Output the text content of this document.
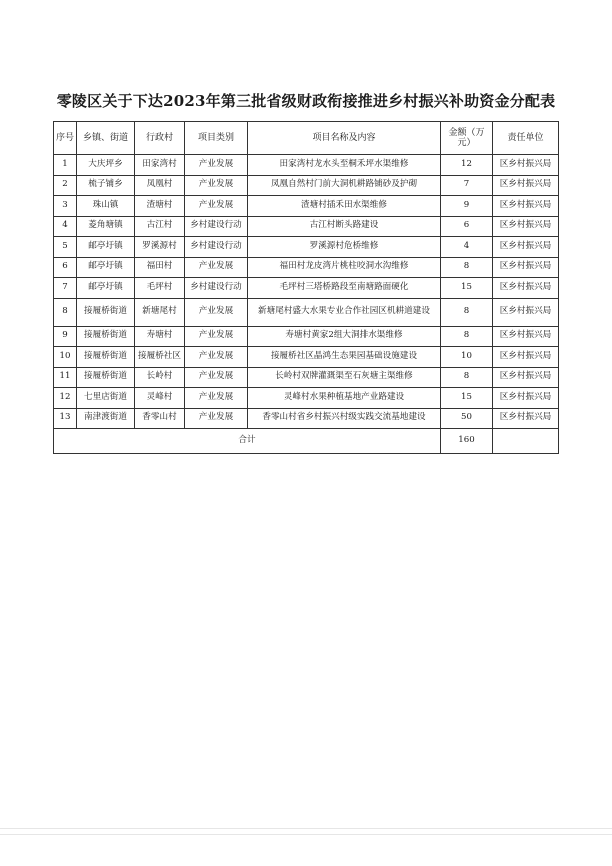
零陵区关于下达2023年第三批省级财政衔接推进乡村振兴补助资金分配表
序号	乡镇、街道	行政村	项目类别	项目名称及内容	金额（万元）	责任单位
1	大庆坪乡	田家湾村	产业发展	田家湾村龙水头至桐禾坪水渠维修	12	区乡村振兴局
2	梳子铺乡	凤凰村	产业发展	凤凰自然村门前大洞机耕路铺砂及护砌	7	区乡村振兴局
3	珠山镇	渣塘村	产业发展	渣塘村插禾田水渠维修	9	区乡村振兴局
4	菱角塘镇	古江村	乡村建设行动	古江村断头路建设	6	区乡村振兴局
5	邮亭圩镇	罗溪源村	乡村建设行动	罗溪源村危桥维修	4	区乡村振兴局
6	邮亭圩镇	福田村	产业发展	福田村龙皮湾片桃柱咬洞水沟维修	8	区乡村振兴局
7	邮亭圩镇	毛坪村	乡村建设行动	毛坪村三塔桥路段至南塘路面硬化	15	区乡村振兴局
8	接履桥街道	新塘尾村	产业发展	新塘尾村盛大水果专业合作社园区机耕道建设	8	区乡村振兴局
9	接履桥街道	寿塘村	产业发展	寿塘村黄家2组大洞排水渠维修	8	区乡村振兴局
10	接履桥街道	接履桥社区	产业发展	接履桥社区晶鸿生态果园基础设施建设	10	区乡村振兴局
11	接履桥街道	长岭村	产业发展	长岭村双牌灌溉渠至石灰塘主渠维修	8	区乡村振兴局
12	七里店街道	灵峰村	产业发展	灵峰村水果种植基地产业路建设	15	区乡村振兴局
13	南津渡街道	香零山村	产业发展	香零山村省乡村振兴村级实践交流基地建设	50	区乡村振兴局
合计					160	
